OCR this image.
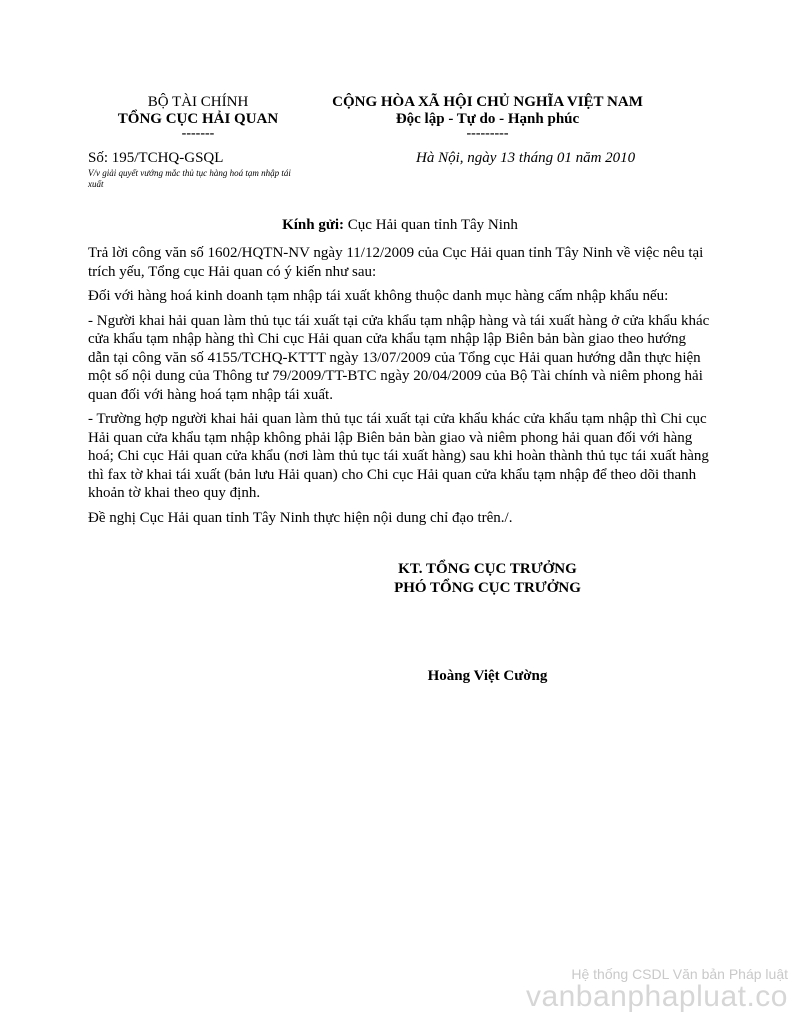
BỘ TÀI CHÍNH
TỔNG CỤC HẢI QUAN
-------
CỘNG HÒA XÃ HỘI CHỦ NGHĨA VIỆT NAM
Độc lập - Tự do - Hạnh phúc
---------
Số: 195/TCHQ-GSQL	Hà Nội, ngày 13 tháng 01 năm 2010
V/v giải quyết vướng mắc thủ tục hàng hoá tạm nhập tái xuất
Kính gửi: Cục Hải quan tỉnh Tây Ninh

Trả lời công văn số 1602/HQTN-NV ngày 11/12/2009 của Cục Hải quan tỉnh Tây Ninh về việc nêu tại trích yếu, Tổng cục Hải quan có ý kiến như sau:

Đối với hàng hoá kinh doanh tạm nhập tái xuất không thuộc danh mục hàng cấm nhập khẩu nếu:

- Người khai hải quan làm thủ tục tái xuất tại cửa khẩu tạm nhập hàng và tái xuất hàng ở cửa khẩu khác cửa khẩu tạm nhập hàng thì Chi cục Hải quan cửa khẩu tạm nhập lập Biên bản bàn giao theo hướng dẫn tại công văn số 4155/TCHQ-KTTT ngày 13/07/2009 của Tổng cục Hải quan hướng dẫn thực hiện một số nội dung của Thông tư 79/2009/TT-BTC ngày 20/04/2009 của Bộ Tài chính và niêm phong hải quan đối với hàng hoá tạm nhập tái xuất.

- Trường hợp người khai hải quan làm thủ tục tái xuất tại cửa khẩu khác cửa khẩu tạm nhập thì Chi cục Hải quan cửa khẩu tạm nhập không phải lập Biên bản bàn giao và niêm phong hải quan đối với hàng hoá; Chi cục Hải quan cửa khẩu (nơi làm thủ tục tái xuất hàng) sau khi hoàn thành thủ tục tái xuất hàng thì fax tờ khai tái xuất (bản lưu Hải quan) cho Chi cục Hải quan cửa khẩu tạm nhập để theo dõi thanh khoản tờ khai theo quy định.

Đề nghị Cục Hải quan tỉnh Tây Ninh thực hiện nội dung chỉ đạo trên./.

KT. TỔNG CỤC TRƯỞNG
PHÓ TỔNG CỤC TRƯỞNG
Hoàng Việt Cường
Hệ thống CSDL Văn bản Pháp luật
vanbanphapluat.co
